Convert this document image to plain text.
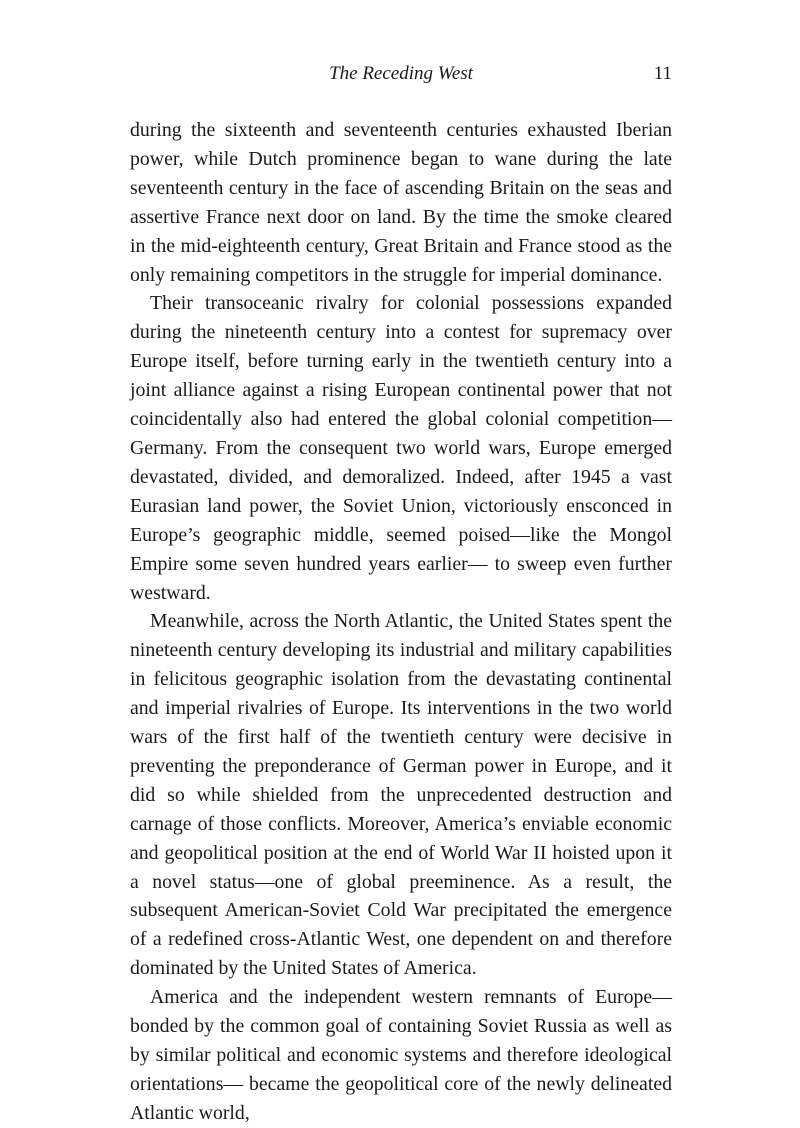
The Receding West	11

during the sixteenth and seventeenth centuries exhausted Iberian power, while Dutch prominence began to wane during the late seventeenth century in the face of ascending Britain on the seas and assertive France next door on land. By the time the smoke cleared in the mid-eighteenth century, Great Britain and France stood as the only remaining competitors in the struggle for imperial dominance.

Their transoceanic rivalry for colonial possessions expanded during the nineteenth century into a contest for supremacy over Europe itself, before turning early in the twentieth century into a joint alliance against a rising European continental power that not coincidentally also had entered the global colonial competition—Germany. From the consequent two world wars, Europe emerged devastated, divided, and demoralized. Indeed, after 1945 a vast Eurasian land power, the Soviet Union, victoriously ensconced in Europe’s geographic middle, seemed poised—like the Mongol Empire some seven hundred years earlier— to sweep even further westward.

Meanwhile, across the North Atlantic, the United States spent the nineteenth century developing its industrial and military capabilities in felicitous geographic isolation from the devastating continental and imperial rivalries of Europe. Its interventions in the two world wars of the first half of the twentieth century were decisive in preventing the preponderance of German power in Europe, and it did so while shielded from the unprecedented destruction and carnage of those conflicts. Moreover, America’s enviable economic and geopolitical position at the end of World War II hoisted upon it a novel status—one of global preeminence. As a result, the subsequent American-Soviet Cold War precipitated the emergence of a redefined cross-Atlantic West, one dependent on and therefore dominated by the United States of America.

America and the independent western remnants of Europe—bonded by the common goal of containing Soviet Russia as well as by similar political and economic systems and therefore ideological orientations— became the geopolitical core of the newly delineated Atlantic world,
